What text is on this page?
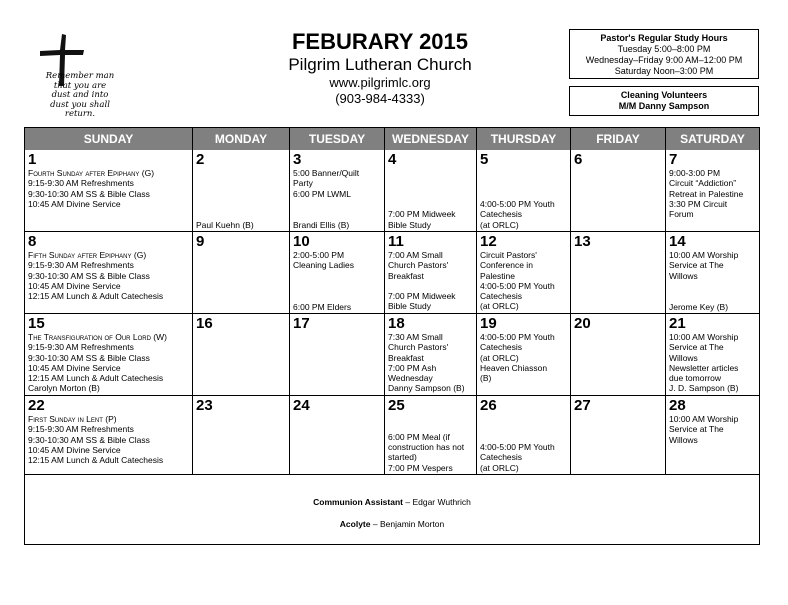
Remember man
that you are
dust and into
dust you shall
return.
FEBURARY 2015
Pilgrim Lutheran Church
www.pilgrimlc.org
(903-984-4333)
Pastor's Regular Study Hours
Tuesday 5:00–8:00 PM
Wednesday–Friday 9:00 AM–12:00 PM
Saturday Noon–3:00 PM
Cleaning Volunteers
M/M Danny Sampson
Communion Assistant – Edgar Wuthrich
Acolyte – Benjamin Morton
SUNDAY	MONDAY	TUESDAY	WEDNESDAY	THURSDAY	FRIDAY	SATURDAY
1
Fourth Sunday after Epiphany (G)
9:15-9:30 AM Refreshments
9:30-10:30 AM SS & Bible Class
10:45 AM Divine Service
2
Paul Kuehn (B)
3
5:00 Banner/Quilt
Party
6:00 PM LWML
Brandi Ellis (B)
4
7:00 PM Midweek
Bible Study
5
4:00-5:00 PM Youth
Catechesis
(at ORLC)
6	7
9:00-3:00 PM
Circuit “Addiction”
Retreat in Palestine
3:30 PM Circuit
Forum
8
Fifth Sunday after Epiphany (G)
9:15-9:30 AM Refreshments
9:30-10:30 AM SS & Bible Class
10:45 AM Divine Service
12:15 AM Lunch & Adult Catechesis
9	10
2:00-5:00 PM
Cleaning Ladies
6:00 PM Elders
11
7:00 AM Small
Church Pastors'
Breakfast
7:00 PM Midweek
Bible Study
12
Circuit Pastors'
Conference in
Palestine
4:00-5:00 PM Youth
Catechesis
(at ORLC)
13	14
10:00 AM Worship
Service at The
Willows
Jerome Key (B)
15
The Transfiguration of Our Lord (W)
9:15-9:30 AM Refreshments
9:30-10:30 AM SS & Bible Class
10:45 AM Divine Service
12:15 AM Lunch & Adult Catechesis
Carolyn Morton (B)
16	17	18
7:30 AM Small
Church Pastors'
Breakfast
7:00 PM Ash
Wednesday
Danny Sampson (B)
19
4:00-5:00 PM Youth
Catechesis
(at ORLC)
Heaven Chiasson
(B)
20	21
10:00 AM Worship
Service at The
Willows
Newsletter articles
due tomorrow
J. D. Sampson (B)
22
First Sunday in Lent (P)
9:15-9:30 AM Refreshments
9:30-10:30 AM SS & Bible Class
10:45 AM Divine Service
12:15 AM Lunch & Adult Catechesis
23	24	25
6:00 PM Meal (if
construction has not
started)
7:00 PM Vespers
26
4:00-5:00 PM Youth
Catechesis
(at ORLC)
27	28
10:00 AM Worship
Service at The
Willows
